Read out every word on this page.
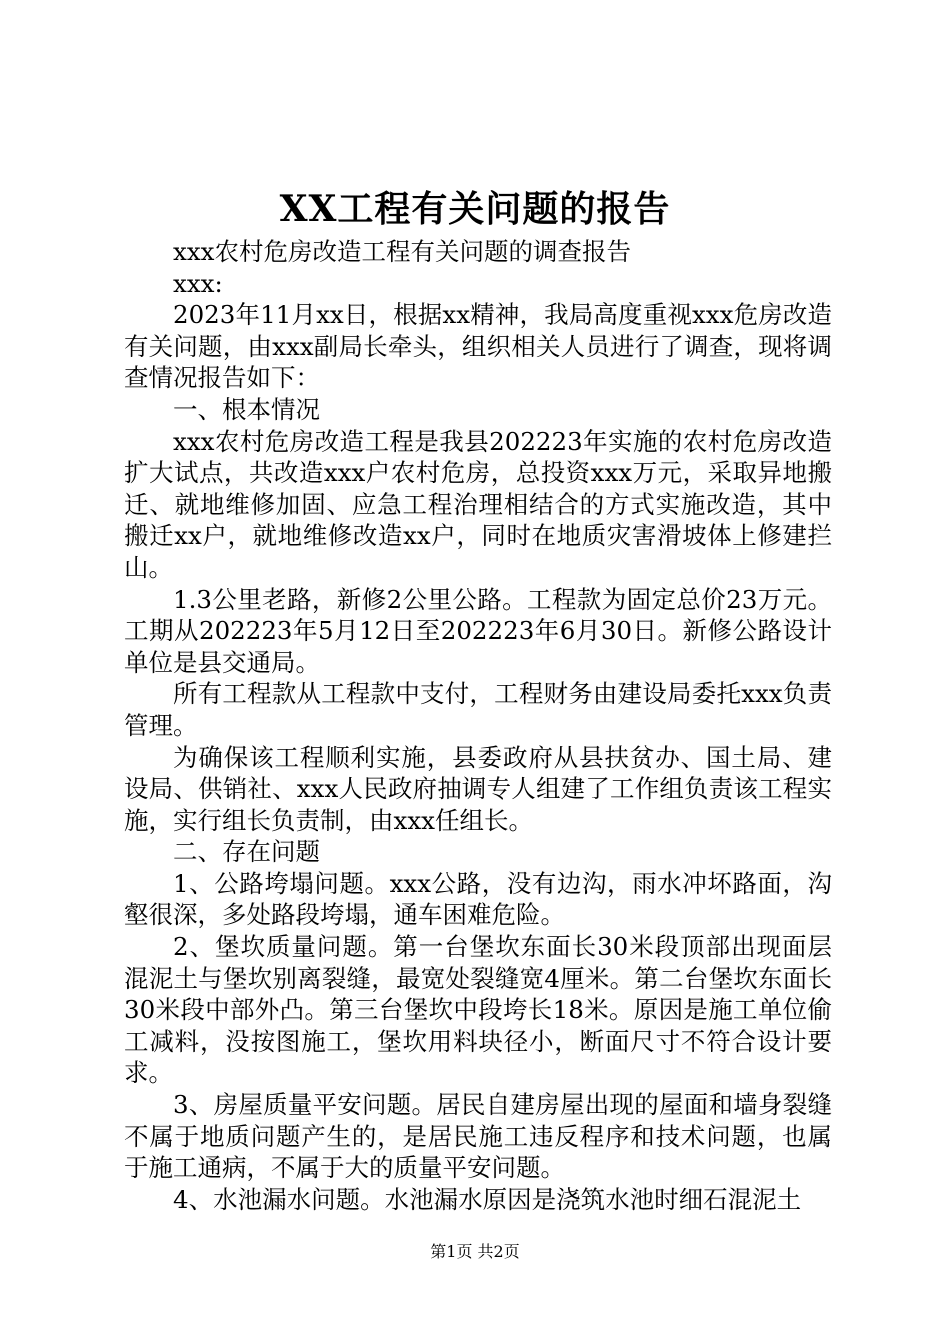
XX工程有关问题的报告

xxx农村危房改造工程有关问题的调查报告

xxx:

2023年11月xx日，根据xx精神，我局高度重视xxx危房改造有关问题，由xxx副局长牵头，组织相关人员进行了调查，现将调查情况报告如下：

一、根本情况

xxx农村危房改造工程是我县202223年实施的农村危房改造扩大试点，共改造xxx户农村危房，总投资xxx万元，采取异地搬迁、就地维修加固、应急工程治理相结合的方式实施改造，其中搬迁xx户，就地维修改造xx户，同时在地质灾害滑坡体上修建拦山。

1.3公里老路，新修2公里公路。工程款为固定总价23万元。工期从202223年5月12日至202223年6月30日。新修公路设计单位是县交通局。

所有工程款从工程款中支付，工程财务由建设局委托xxx负责管理。

为确保该工程顺利实施，县委政府从县扶贫办、国土局、建设局、供销社、xxx人民政府抽调专人组建了工作组负责该工程实施，实行组长负责制，由xxx任组长。

二、存在问题

1、公路垮塌问题。xxx公路，没有边沟，雨水冲坏路面，沟壑很深，多处路段垮塌，通车困难危险。

2、堡坎质量问题。第一台堡坎东面长30米段顶部出现面层混泥土与堡坎别离裂缝，最宽处裂缝宽4厘米。第二台堡坎东面长30米段中部外凸。第三台堡坎中段垮长18米。原因是施工单位偷工减料，没按图施工，堡坎用料块径小，断面尺寸不符合设计要求。

3、房屋质量平安问题。居民自建房屋出现的屋面和墙身裂缝不属于地质问题产生的，是居民施工违反程序和技术问题，也属于施工通病，不属于大的质量平安问题。

4、水池漏水问题。水池漏水原因是浇筑水池时细石混泥土

第1页 共2页
